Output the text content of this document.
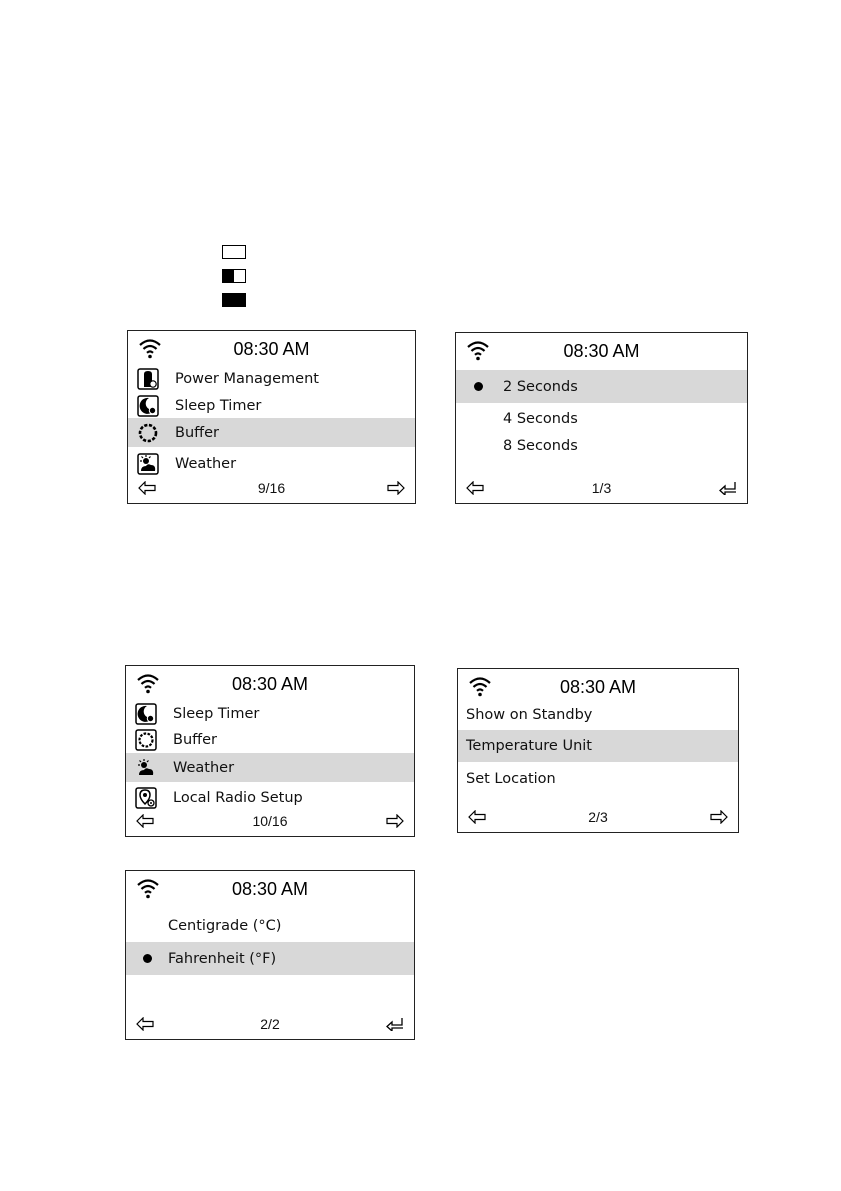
08:30 AM
Power Management
Sleep Timer
Buffer
Weather
9/16
08:30 AM
2 Seconds
4 Seconds
8 Seconds
1/3
08:30 AM
Sleep Timer
Buffer
Weather
Local Radio Setup
10/16
08:30 AM
Show on Standby
Temperature Unit
Set Location
2/3
08:30 AM
Centigrade (°C)
Fahrenheit (°F)
2/2
